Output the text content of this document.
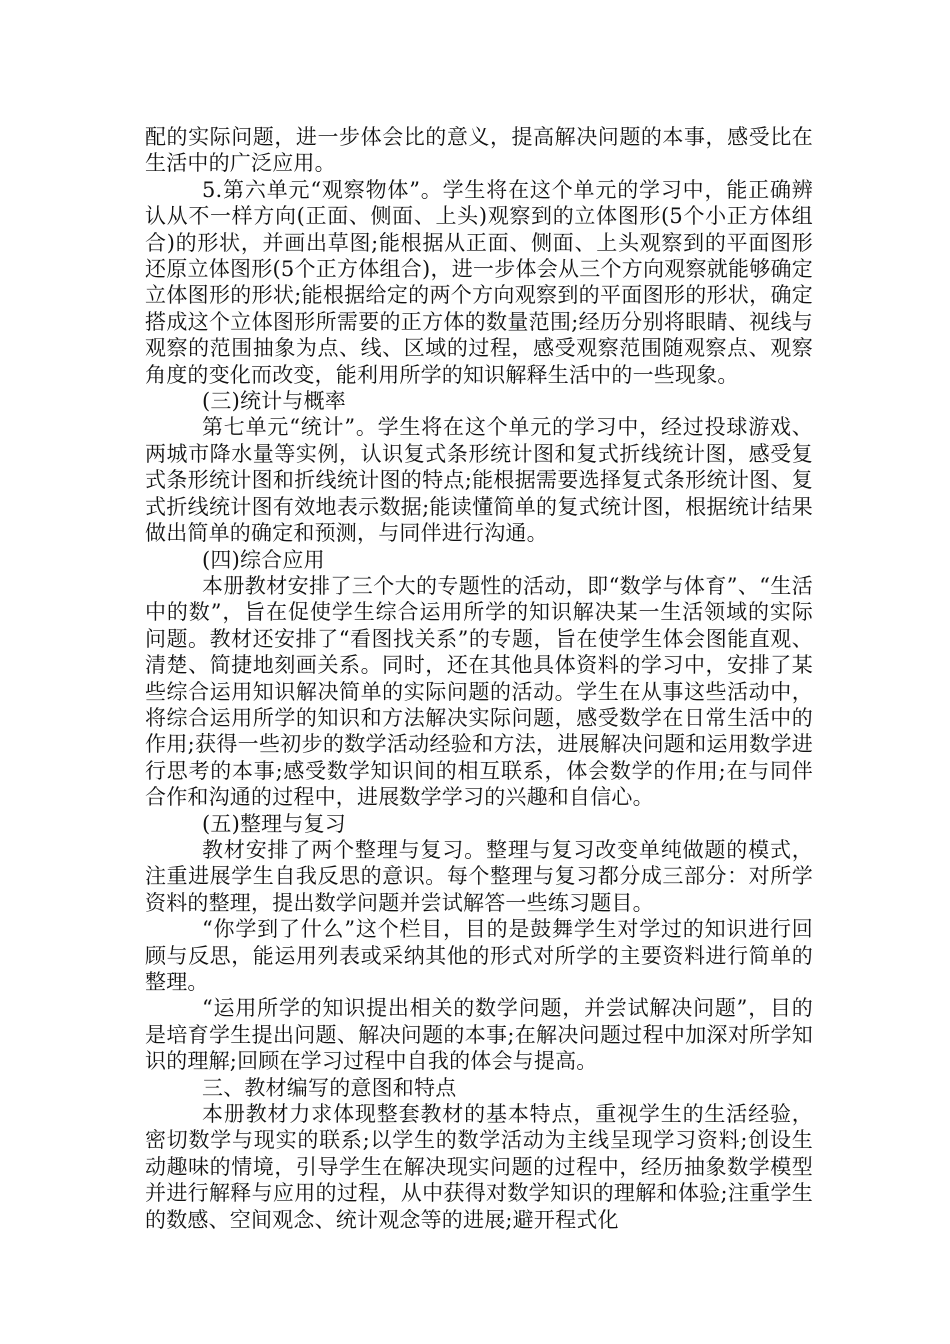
配的实际问题，进一步体会比的意义，提高解决问题的本事，感受比在生活中的广泛应用。

5.第六单元“观察物体”。学生将在这个单元的学习中，能正确辨认从不一样方向(正面、侧面、上头)观察到的立体图形(5个小正方体组合)的形状，并画出草图;能根据从正面、侧面、上头观察到的平面图形还原立体图形(5个正方体组合)，进一步体会从三个方向观察就能够确定立体图形的形状;能根据给定的两个方向观察到的平面图形的形状，确定搭成这个立体图形所需要的正方体的数量范围;经历分别将眼睛、视线与观察的范围抽象为点、线、区域的过程，感受观察范围随观察点、观察角度的变化而改变，能利用所学的知识解释生活中的一些现象。

(三)统计与概率

第七单元“统计”。学生将在这个单元的学习中，经过投球游戏、两城市降水量等实例，认识复式条形统计图和复式折线统计图，感受复式条形统计图和折线统计图的特点;能根据需要选择复式条形统计图、复式折线统计图有效地表示数据;能读懂简单的复式统计图，根据统计结果做出简单的确定和预测，与同伴进行沟通。

(四)综合应用

本册教材安排了三个大的专题性的活动，即“数学与体育”、“生活中的数”，旨在促使学生综合运用所学的知识解决某一生活领域的实际问题。教材还安排了“看图找关系”的专题，旨在使学生体会图能直观、清楚、简捷地刻画关系。同时，还在其他具体资料的学习中，安排了某些综合运用知识解决简单的实际问题的活动。学生在从事这些活动中，将综合运用所学的知识和方法解决实际问题，感受数学在日常生活中的作用;获得一些初步的数学活动经验和方法，进展解决问题和运用数学进行思考的本事;感受数学知识间的相互联系，体会数学的作用;在与同伴合作和沟通的过程中，进展数学学习的兴趣和自信心。

(五)整理与复习

教材安排了两个整理与复习。整理与复习改变单纯做题的模式，注重进展学生自我反思的意识。每个整理与复习都分成三部分：对所学资料的整理，提出数学问题并尝试解答一些练习题目。

“你学到了什么”这个栏目，目的是鼓舞学生对学过的知识进行回顾与反思，能运用列表或采纳其他的形式对所学的主要资料进行简单的整理。

“运用所学的知识提出相关的数学问题，并尝试解决问题”，目的是培育学生提出问题、解决问题的本事;在解决问题过程中加深对所学知识的理解;回顾在学习过程中自我的体会与提高。

三、教材编写的意图和特点

本册教材力求体现整套教材的基本特点，重视学生的生活经验，密切数学与现实的联系;以学生的数学活动为主线呈现学习资料;创设生动趣味的情境，引导学生在解决现实问题的过程中，经历抽象数学模型并进行解释与应用的过程，从中获得对数学知识的理解和体验;注重学生的数感、空间观念、统计观念等的进展;避开程式化
